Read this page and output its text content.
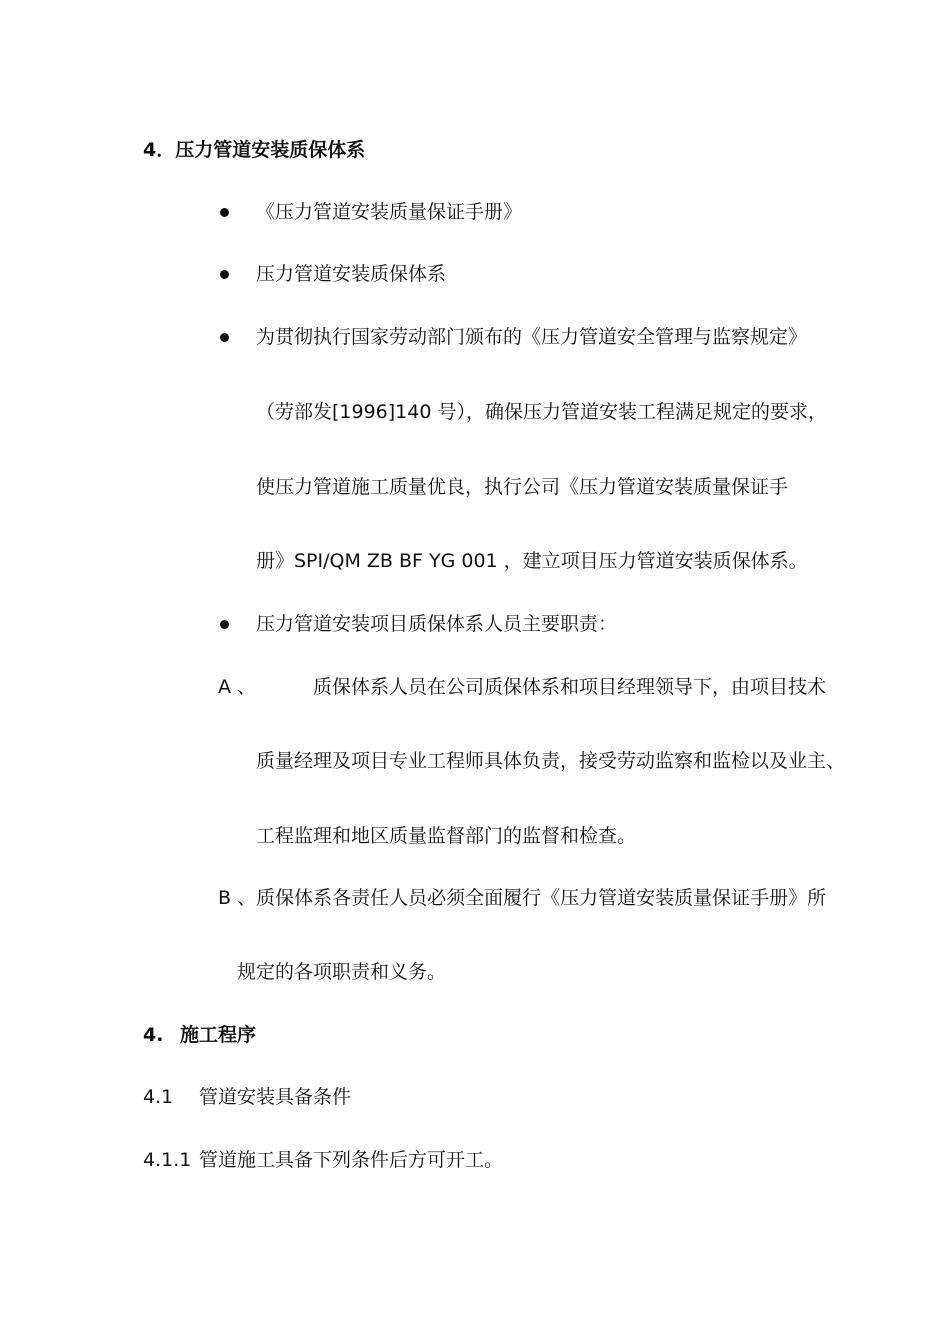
4．压力管道安装质保体系
《压力管道安装质量保证手册》
压力管道安装质保体系
为贯彻执行国家劳动部门颁布的《压力管道安全管理与监察规定》
（劳部发[1996]140 号），确保压力管道安装工程满足规定的要求，
使压力管道施工质量优良，执行公司《压力管道安装质量保证手
册》SPI/QM ZB BF YG 001 ，建立项目压力管道安装质保体系。
压力管道安装项目质保体系人员主要职责：
A 、	质保体系人员在公司质保体系和项目经理领导下，由项目技术
质量经理及项目专业工程师具体负责，接受劳动监察和监检以及业主、
工程监理和地区质量监督部门的监督和检查。
B 、质保体系各责任人员必须全面履行《压力管道安装质量保证手册》所
规定的各项职责和义务。
4. 施工程序
4.1 管道安装具备条件
4.1.1 管道施工具备下列条件后方可开工。
